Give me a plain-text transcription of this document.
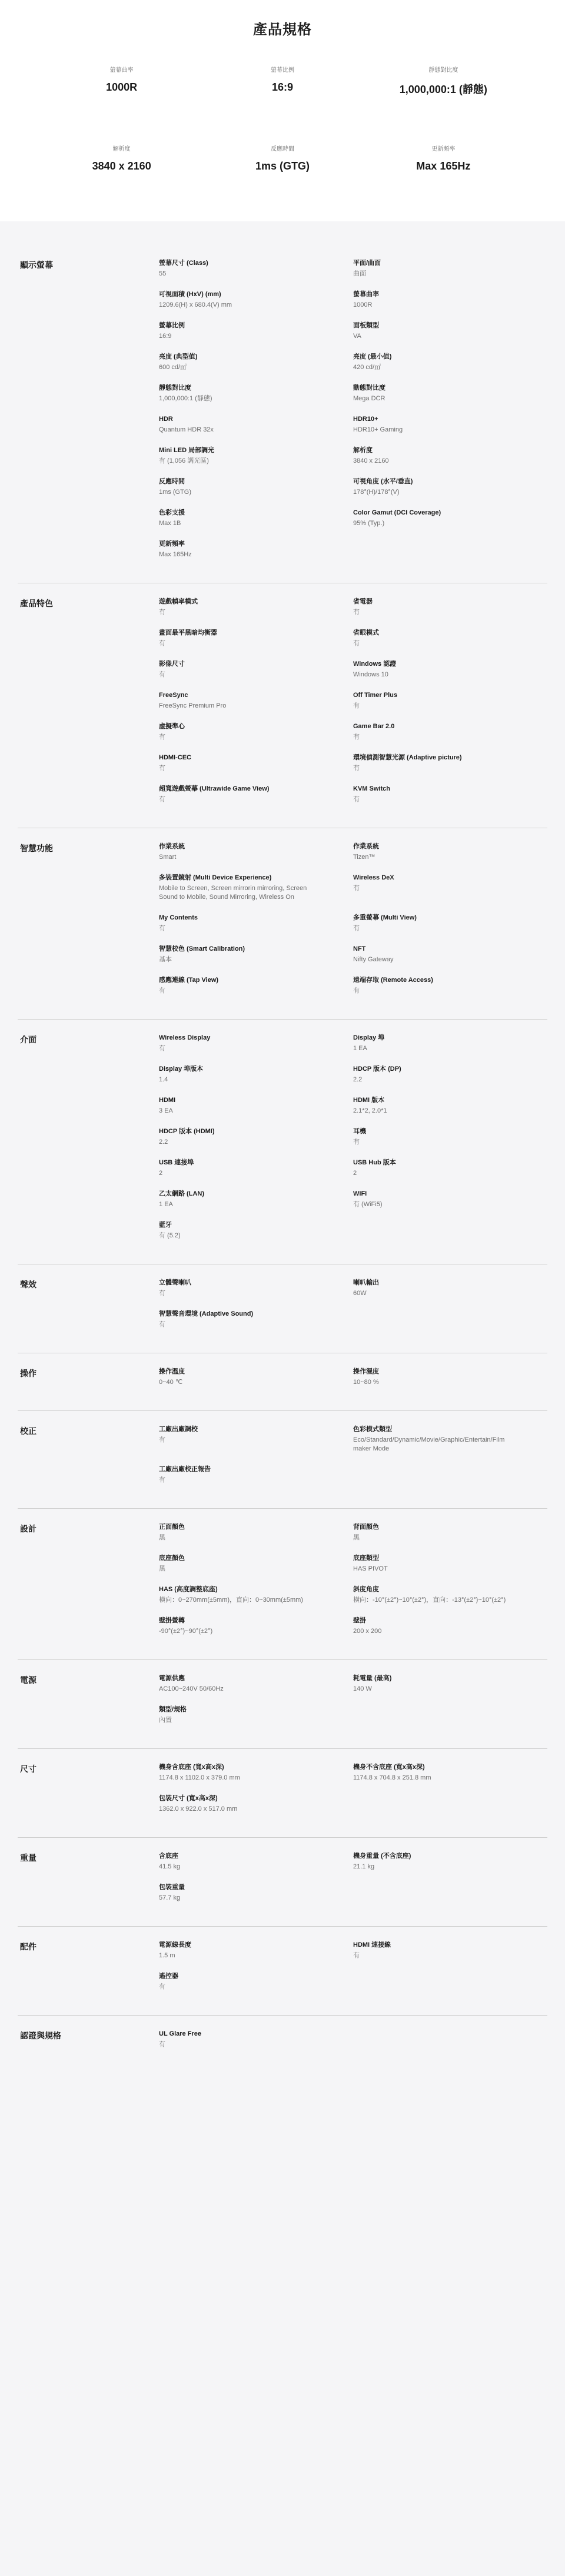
產品規格
螢幕曲率
1000R
螢幕比例
16:9
靜態對比度
1,000,000:1 (靜態)
解析度
3840 x 2160
反應時間
1ms (GTG)
更新頻率
Max 165Hz
顯示螢幕	螢幕尺寸 (Class)
55
平面/曲面
曲面
可視面積 (HxV) (mm)
1209.6(H) x 680.4(V) mm
螢幕曲率
1000R
螢幕比例
16:9
面板類型
VA
亮度 (典型值)
600 cd/㎡
亮度 (最小值)
420 cd/㎡
靜態對比度
1,000,000:1 (靜態)
動態對比度
Mega DCR
HDR
Quantum HDR 32x
HDR10+
HDR10+ Gaming
Mini LED 局部調光
有 (1,056 調光區)
解析度
3840 x 2160
反應時間
1ms (GTG)
可視角度 (水平/垂直)
178°(H)/178°(V)
色彩支援
Max 1B
Color Gamut (DCI Coverage)
95% (Typ.)
更新頻率
Max 165Hz
產品特色	遊戲幀率模式
有
省電器
有
畫面最平黑暗均衡器
有
省眼模式
有
影像尺寸
有
Windows 認證
Windows 10
FreeSync
FreeSync Premium Pro
Off Timer Plus
有
虛擬準心
有
Game Bar 2.0
有
HDMI-CEC
有
環境偵測智慧光源 (Adaptive picture)
有
超寬遊戲螢幕 (Ultrawide Game View)
有
KVM Switch
有
智慧功能	作業系統
Smart
作業系統
Tizen™
多裝置鏡射 (Multi Device Experience)
Mobile to Screen, Screen mirrorin mirroring, Screen
Sound to Mobile, Sound Mirroring, Wireless On
Wireless DeX
有
My Contents
有
多重螢幕 (Multi View)
有
智慧校色 (Smart Calibration)
基本
NFT
Nifty Gateway
感應連線 (Tap View)
有
遠端存取 (Remote Access)
有
介面	Wireless Display
有
Display 埠
1 EA
Display 埠版本
1.4
HDCP 版本 (DP)
2.2
HDMI
3 EA
HDMI 版本
2.1*2, 2.0*1
HDCP 版本 (HDMI)
2.2
耳機
有
USB 連接埠
2
USB Hub 版本
2
乙太網路 (LAN)
1 EA
WIFI
有 (WiFi5)
藍牙
有 (5.2)
聲效	立體聲喇叭
有
喇叭輸出
60W
智慧聲音環境 (Adaptive Sound)
有
操作	操作溫度
0~40 ℃
操作濕度
10~80 %
校正	工廠出廠調校
有
色彩模式類型
Eco/Standard/Dynamic/Movie/Graphic/Entertain/Film
maker Mode
工廠出廠校正報告
有
設計	正面顏色
黑
背面顏色
黑
底座顏色
黑
底座類型
HAS PIVOT
HAS (高度調整底座)
橫向：0~270mm(±5mm)，直向：0~30mm(±5mm)
斜度角度
橫向：-10°(±2°)~10°(±2°)，直向：-13°(±2°)~10°(±2°)
壁掛螢轉
-90°(±2°)~90°(±2°)
壁掛
200 x 200
電源	電源供應
AC100~240V 50/60Hz
耗電量 (最高)
140 W
類型/規格
內置
尺寸	機身含底座 (寬x高x深)
1174.8 x 1102.0 x 379.0 mm
機身不含底座 (寬x高x深)
1174.8 x 704.8 x 251.8 mm
包裝尺寸 (寬x高x深)
1362.0 x 922.0 x 517.0 mm
重量	含底座
41.5 kg
機身重量 (不含底座)
21.1 kg
包裝重量
57.7 kg
配件	電源線長度
1.5 m
HDMI 連接線
有
遙控器
有
認證與規格	UL Glare Free
有
